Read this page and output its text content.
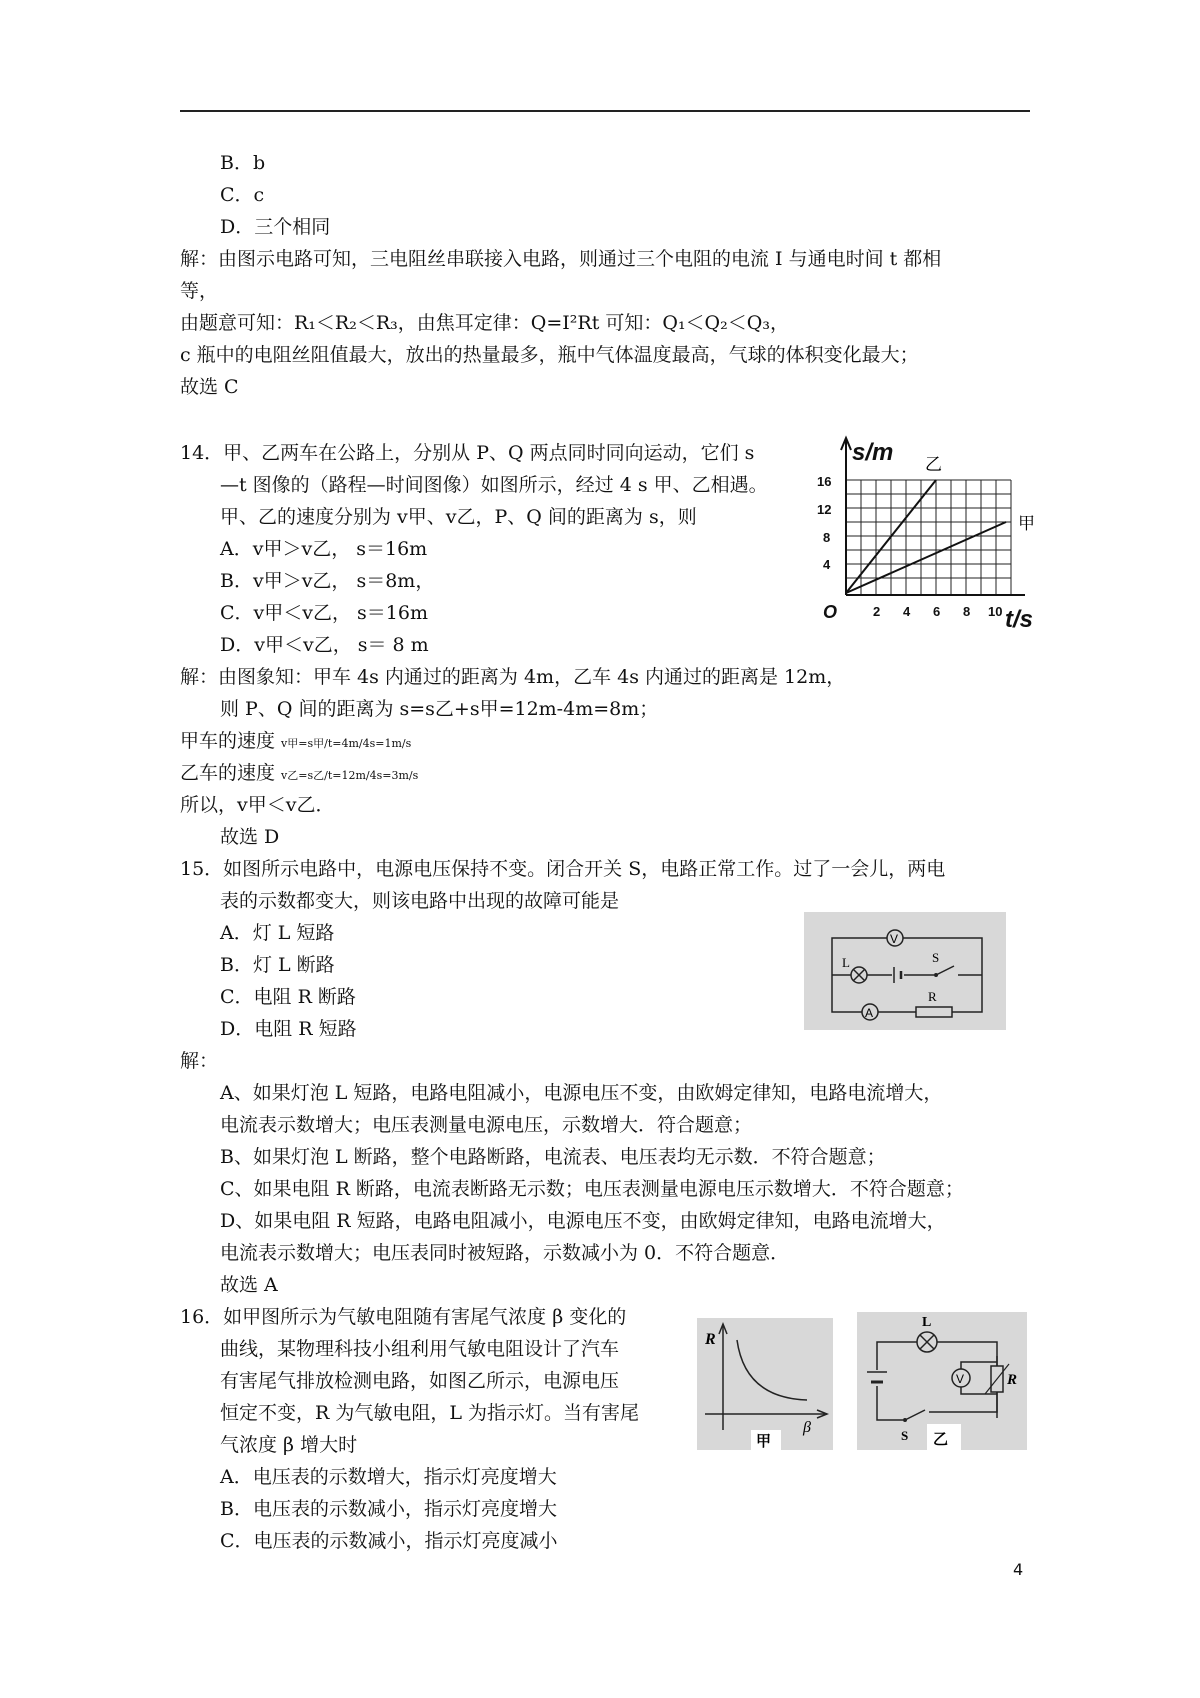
B．b
C．c
D．三个相同
解：由图示电路可知，三电阻丝串联接入电路，则通过三个电阻的电流 I 与通电时间 t 都相
等，
由题意可知：R₁＜R₂＜R₃，由焦耳定律：Q=I²Rt 可知：Q₁＜Q₂＜Q₃，
c 瓶中的电阻丝阻值最大，放出的热量最多，瓶中气体温度最高，气球的体积变化最大；
故选 C
14．甲、乙两车在公路上，分别从 P、Q 两点同时同向运动，它们 s
—t 图像的（路程—时间图像）如图所示，经过 4 s 甲、乙相遇。
甲、乙的速度分别为 v甲、v乙，P、Q 间的距离为 s，则
A．v甲＞v乙， s＝16m
B．v甲＞v乙， s＝8m，
C．v甲＜v乙， s＝16m
D．v甲＜v乙， s＝ 8 m
解：由图象知：甲车 4s 内通过的距离为 4m，乙车 4s 内通过的距离是 12m，
则 P、Q 间的距离为 s=s乙+s甲=12m-4m=8m；
甲车的速度 v甲=s甲/t=4m/4s=1m/s
乙车的速度 v乙=s乙/t=12m/4s=3m/s
所以，v甲＜v乙．
故选 D
s/m
t/s
O
4
8
12
16
2 4 6 8 10
乙
甲
15．如图所示电路中，电源电压保持不变。闭合开关 S，电路正常工作。过了一会儿，两电
表的示数都变大，则该电路中出现的故障可能是
A．灯 L 短路
B．灯 L 断路
C．电阻 R 断路
D．电阻 R 短路
解：
A、如果灯泡 L 短路，电路电阻减小，电源电压不变，由欧姆定律知，电路电流增大，
电流表示数增大；电压表测量电源电压，示数增大．符合题意；
B、如果灯泡 L 断路，整个电路断路，电流表、电压表均无示数．不符合题意；
C、如果电阻 R 断路，电流表断路无示数；电压表测量电源电压示数增大．不符合题意；
D、如果电阻 R 短路，电路电阻减小，电源电压不变，由欧姆定律知，电路电流增大，
电流表示数增大；电压表同时被短路，示数减小为 0．不符合题意．
故选 A
V
L	S
A
R
16．如甲图所示为气敏电阻随有害尾气浓度 β 变化的
曲线，某物理科技小组利用气敏电阻设计了汽车
有害尾气排放检测电路，如图乙所示，电源电压
恒定不变，R 为气敏电阻，L 为指示灯。当有害尾
气浓度 β 增大时
A．电压表的示数增大，指示灯亮度增大
B．电压表的示数减小，指示灯亮度增大
C．电压表的示数减小，指示灯亮度减小
R
β
甲
L
V	R
S 乙
4
